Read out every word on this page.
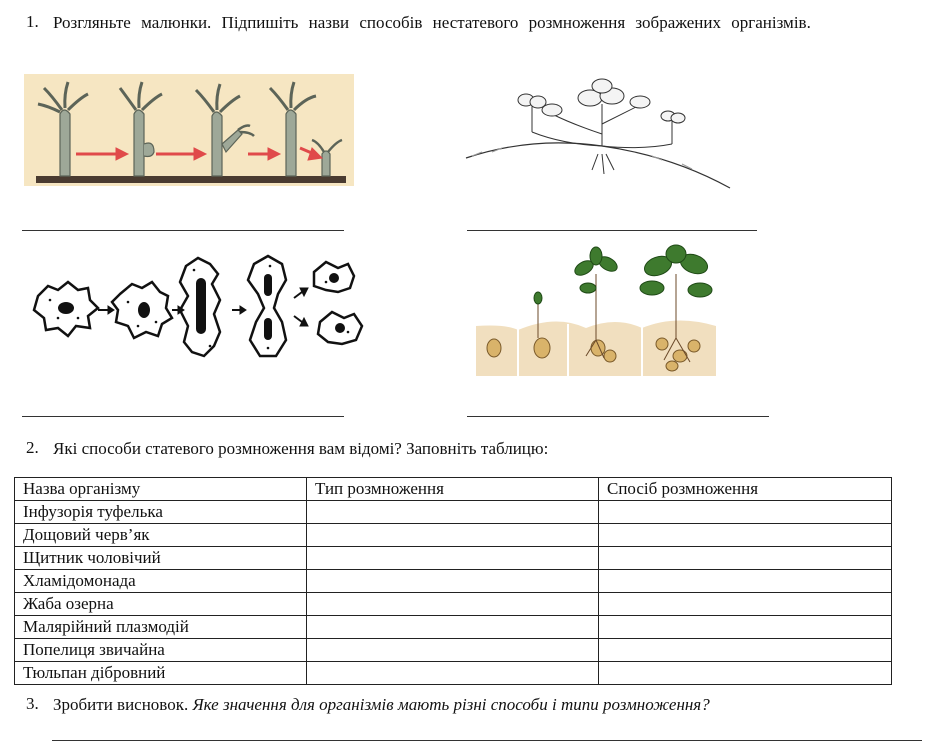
1. Розгляньте малюнки. Підпишіть назви способів нестатевого розмноження зображених організмів.
2. Які способи статевого розмноження вам відомі? Заповніть таблицю:
Назва організму	Тип розмноження	Спосіб розмноження
Інфузорія туфелька		
Дощовий черв’як		
Щитник чоловічий		
Хламідомонада		
Жаба озерна		
Малярійний плазмодій		
Попелиця звичайна		
Тюльпан дібровний		
3. Зробити висновок. Яке значення для організмів мають різні способи і типи розмноження?
